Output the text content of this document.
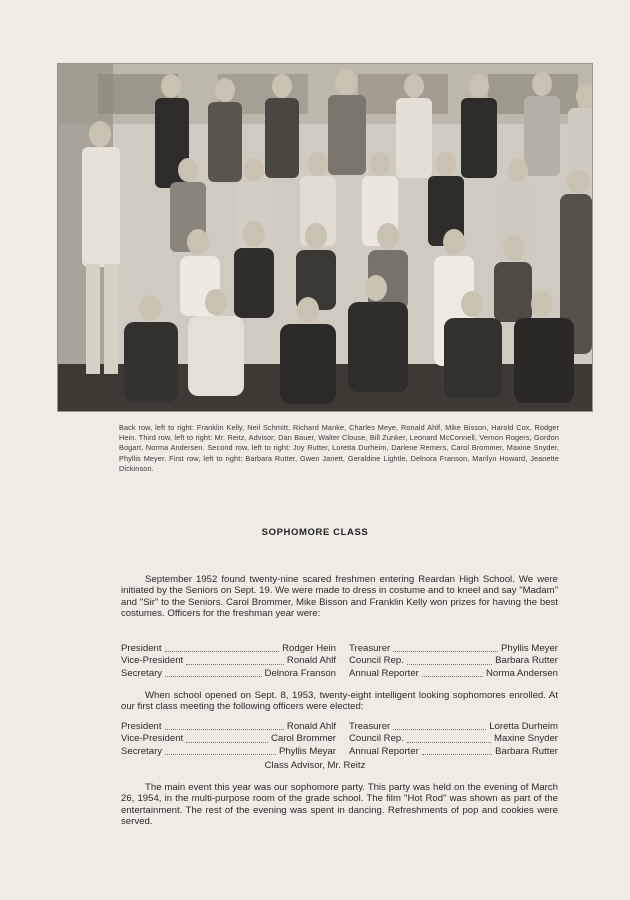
Back row, left to right: Franklin Kelly, Neil Schmitt, Richard Manke, Charles Meye, Ronald Ahlf, Mike Bisson, Harold Cox, Rodger Hein. Third row, left to right: Mr. Reitz, Advisor; Dan Bauer, Walter Clouse, Bill Zunker, Leonard McConnell, Vernon Rogers, Gordon Bogart, Norma Andersen. Second row, left to right: Joy Rutter, Loretta Durheim, Darlene Remers, Carol Brommer, Maxine Snyder, Phyllis Meyer. First row, left to right: Barbara Rutter, Gwen Janett, Geraldine Lightle, Delnora Franson, Marilyn Howard, Jeanette Dickinson.
SOPHOMORE CLASS
September 1952 found twenty-nine scared freshmen entering Reardan High School. We were initiated by the Seniors on Sept. 19. We were made to dress in costume and to kneel and say "Madam" and "Sir" to the Seniors. Carol Brommer, Mike Bisson and Franklin Kelly won prizes for having the best costumes. Officers for the freshman year were:
President	Rodger Hein Treasurer	Phyllis Meyer
Vice-President	Ronald Ahlf Council Rep.	Barbara Rutter
Secretary	Delnora Franson Annual Reporter	Norma Andersen
When school opened on Sept. 8, 1953, twenty-eight intelligent looking sophomores enrolled. At our first class meeting the following officers were elected:
President	Ronald Ahlf Treasurer	Loretta Durheim
Vice-President	Carol Brommer Council Rep.	Maxine Snyder
Secretary	Phyllis Meyar Annual Reporter	Barbara Rutter
Class Advisor, Mr. Reitz
The main event this year was our sophomore party. This party was held on the evening of March 26, 1954, in the multi-purpose room of the grade school. The film "Hot Rod" was shown as part of the entertainment. The rest of the evening was spent in dancing. Refreshments of pop and cookies were served.
